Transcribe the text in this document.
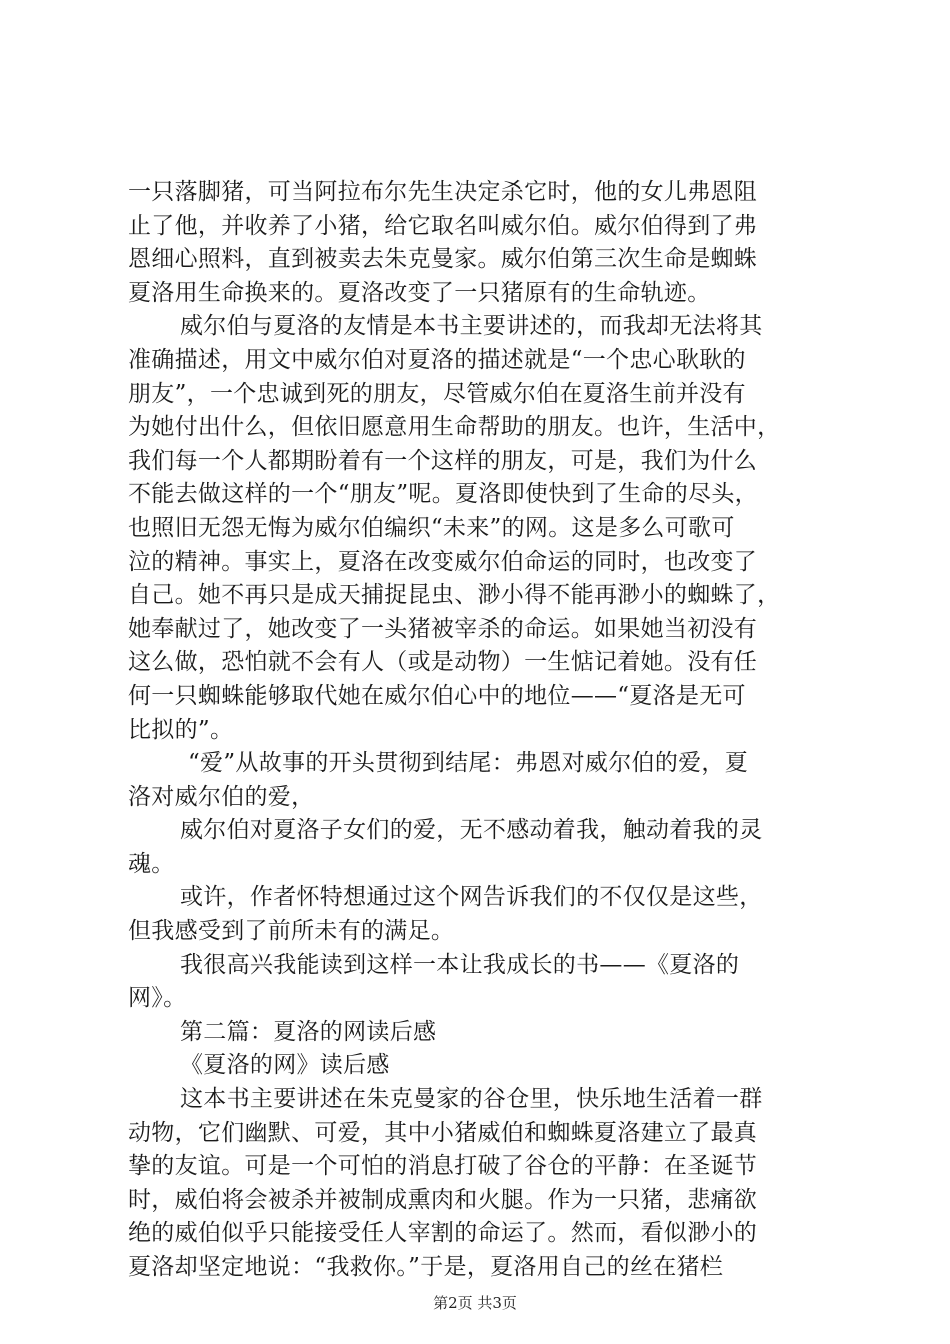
一只落脚猪，可当阿拉布尔先生决定杀它时，他的女儿弗恩阻
止了他，并收养了小猪，给它取名叫威尔伯。威尔伯得到了弗
恩细心照料，直到被卖去朱克曼家。威尔伯第三次生命是蜘蛛
夏洛用生命换来的。夏洛改变了一只猪原有的生命轨迹。
威尔伯与夏洛的友情是本书主要讲述的，而我却无法将其
准确描述，用文中威尔伯对夏洛的描述就是“一个忠心耿耿的
朋友”，一个忠诚到死的朋友，尽管威尔伯在夏洛生前并没有
为她付出什么，但依旧愿意用生命帮助的朋友。也许，生活中，
我们每一个人都期盼着有一个这样的朋友，可是，我们为什么
不能去做这样的一个“朋友”呢。夏洛即使快到了生命的尽头，
也照旧无怨无悔为威尔伯编织“未来”的网。这是多么可歌可
泣的精神。事实上，夏洛在改变威尔伯命运的同时，也改变了
自己。她不再只是成天捕捉昆虫、渺小得不能再渺小的蜘蛛了，
她奉献过了，她改变了一头猪被宰杀的命运。如果她当初没有
这么做，恐怕就不会有人（或是动物）一生惦记着她。没有任
何一只蜘蛛能够取代她在威尔伯心中的地位——“夏洛是无可
比拟的”。
“爱”从故事的开头贯彻到结尾：弗恩对威尔伯的爱，夏
洛对威尔伯的爱，
威尔伯对夏洛子女们的爱，无不感动着我，触动着我的灵
魂。
或许，作者怀特想通过这个网告诉我们的不仅仅是这些，
但我感受到了前所未有的满足。
我很高兴我能读到这样一本让我成长的书——《夏洛的
网》。
第二篇：夏洛的网读后感
《夏洛的网》读后感
这本书主要讲述在朱克曼家的谷仓里，快乐地生活着一群
动物，它们幽默、可爱，其中小猪威伯和蜘蛛夏洛建立了最真
挚的友谊。可是一个可怕的消息打破了谷仓的平静：在圣诞节
时，威伯将会被杀并被制成熏肉和火腿。作为一只猪，悲痛欲
绝的威伯似乎只能接受任人宰割的命运了。然而，看似渺小的
夏洛却坚定地说：“我救你。”于是，夏洛用自己的丝在猪栏
第2页 共3页
